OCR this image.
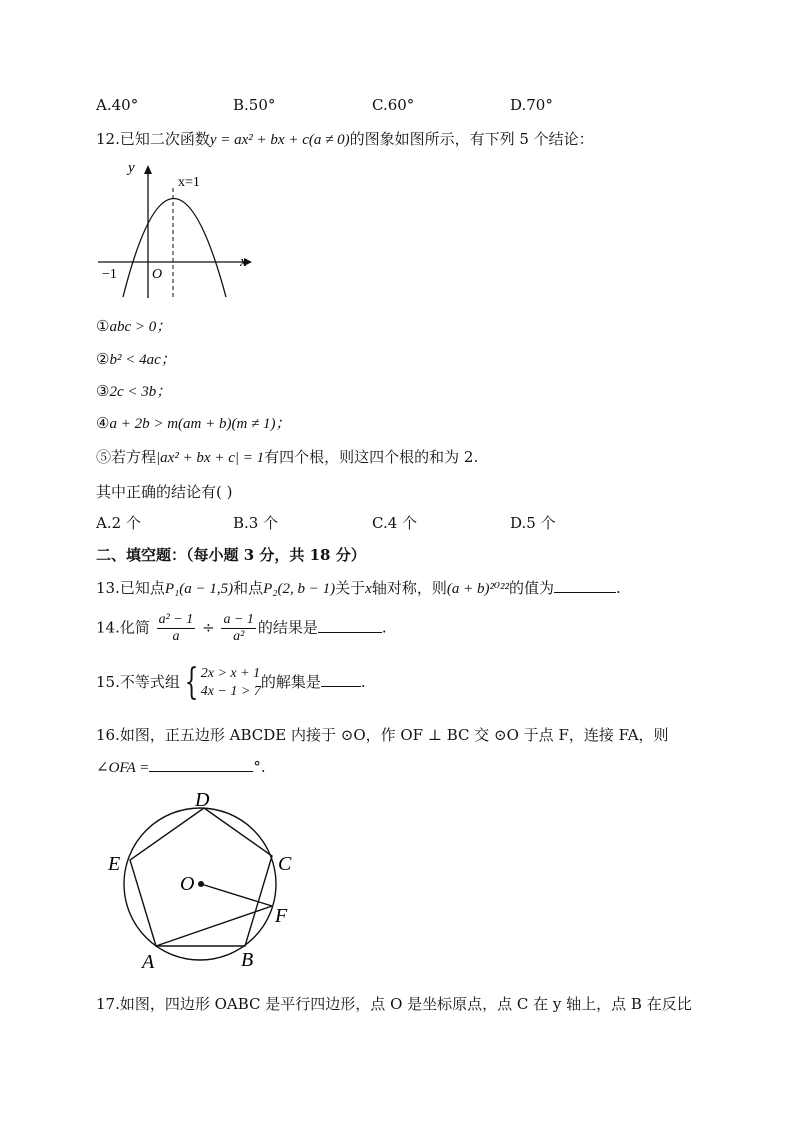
A.40°	B.50°	C.60°	D.70°
12.已知二次函数y = ax² + bx + c(a ≠ 0)的图象如图所示，有下列 5 个结论：
y
x
x=1
−1	O
①abc > 0；
②b² < 4ac；
③2c < 3b；
④a + 2b > m(am + b)(m ≠ 1)；
⑤若方程|ax² + bx + c| = 1有四个根，则这四个根的和为 2.
其中正确的结论有( )
A.2 个	B.3 个	C.4 个	D.5 个
二、填空题：（每小题 3 分，共 18 分）
13.已知点P₁(a − 1,5)和点P₂(2, b − 1)关于x轴对称，则(a + b)²⁰²²的值为	.
14.化简 $\frac{\text{a² − 1}}{a} \div \frac{a - 1}{\text{a²}}$ 的结果是	.
15.不等式组 { 2x > x + 1
4x − 1 > 7
的解集是	.
16.如图，正五边形 ABCDE 内接于 ⊙O，作 OF ⊥ BC 交 ⊙O 于点 F，连接 FA，则
∠OFA =	°.
D
C
E
O
F
A	B
17.如图，四边形 OABC 是平行四边形，点 O 是坐标原点，点 C 在 y 轴上，点 B 在反比
